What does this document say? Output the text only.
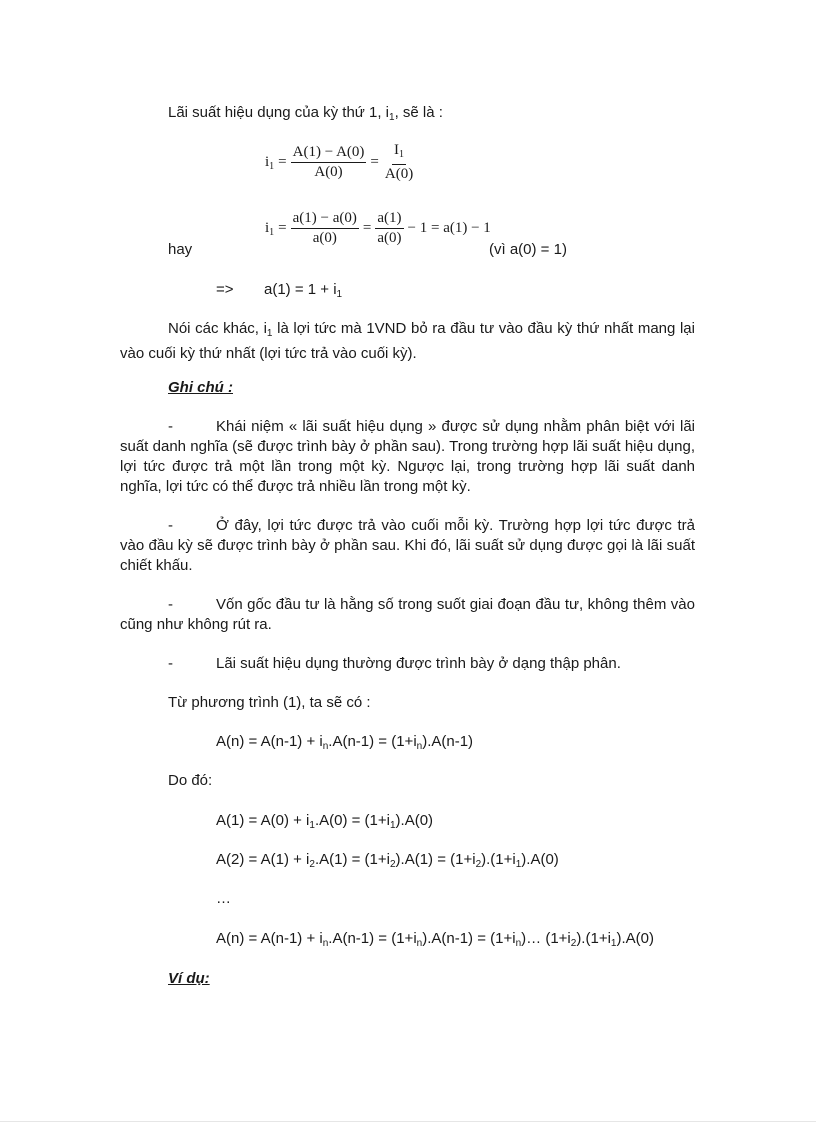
Lãi suất hiệu dụng của kỳ thứ 1, $i_1$, sẽ là :
$i_1 = \frac{A(1) - A(0)}{A(0)} = \frac{I_1}{A(0)}$
hay
$i_1 = \frac{a(1) - a(0)}{a(0)} = \frac{a(1)}{a(0)} - 1 = a(1) - 1$
(vì a(0) = 1)
=> $a(1) = 1 + i_1$
Nói các khác, $i_1$ là lợi tức mà 1VND bỏ ra đầu tư vào đầu kỳ thứ nhất mang lại vào cuối kỳ thứ nhất (lợi tức trả vào cuối kỳ).
Ghi chú :
-	Khái niệm « lãi suất hiệu dụng » được sử dụng nhằm phân biệt với lãi suất danh nghĩa (sẽ được trình bày ở phần sau). Trong trường hợp lãi suất hiệu dụng, lợi tức được trả một lần trong một kỳ. Ngược lại, trong trường hợp lãi suất danh nghĩa, lợi tức có thể được trả nhiều lần trong một kỳ.
-	Ở đây, lợi tức được trả vào cuối mỗi kỳ. Trường hợp lợi tức được trả vào đầu kỳ sẽ được trình bày ở phần sau. Khi đó, lãi suất sử dụng được gọi là lãi suất chiết khấu.
-	Vốn gốc đầu tư là hằng số trong suốt giai đoạn đầu tư, không thêm vào cũng như không rút ra.
-	Lãi suất hiệu dụng thường được trình bày ở dạng thập phân.
Từ phương trình (1), ta sẽ có :
$A(n) = A(n-1) + i_n.A(n-1) = (1+i_n).A(n-1)$
Do đó:
$A(1) = A(0) + i_1.A(0) = (1+i_1).A(0)$
$A(2) = A(1) + i_2.A(1) = (1+i_2).A(1) = (1+i_2).(1+i_1).A(0)$
…
$A(n) = A(n-1) + i_n.A(n-1) = (1+i_n).A(n-1)$ = $(1+i_n)\dots$ $(1+i_2).(1+i_1).A(0)$
Ví dụ:
